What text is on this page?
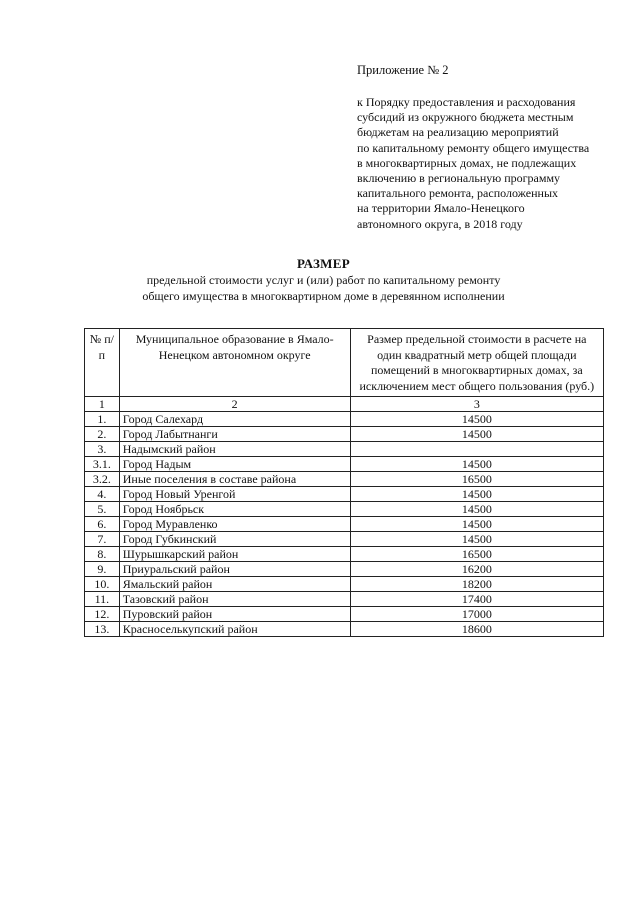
Приложение № 2

к Порядку предоставления и расходования
субсидий из окружного бюджета местным
бюджетам на реализацию мероприятий
по капитальному ремонту общего имущества
в многоквартирных домах, не подлежащих
включению в региональную программу
капитального ремонта, расположенных
на территории Ямало-Ненецкого
автономного округа, в 2018 году
РАЗМЕР
предельной стоимости услуг и (или) работ по капитальному ремонту
общего имущества в многоквартирном доме в деревянном исполнении
№ п/п	Муниципальное образование в Ямало-Ненецком автономном округе	Размер предельной стоимости в расчете на один квадратный метр общей площади помещений в многоквартирных домах, за исключением мест общего пользования (руб.)
1	2	3
1.	Город Салехард	14500
2.	Город Лабытнанги	14500
3.	Надымский район	
3.1.	Город Надым	14500
3.2.	Иные поселения в составе района	16500
4.	Город Новый Уренгой	14500
5.	Город Ноябрьск	14500
6.	Город Муравленко	14500
7.	Город Губкинский	14500
8.	Шурышкарский район	16500
9.	Приуральский район	16200
10.	Ямальский район	18200
11.	Тазовский район	17400
12.	Пуровский район	17000
13.	Красноселькупский район	18600
